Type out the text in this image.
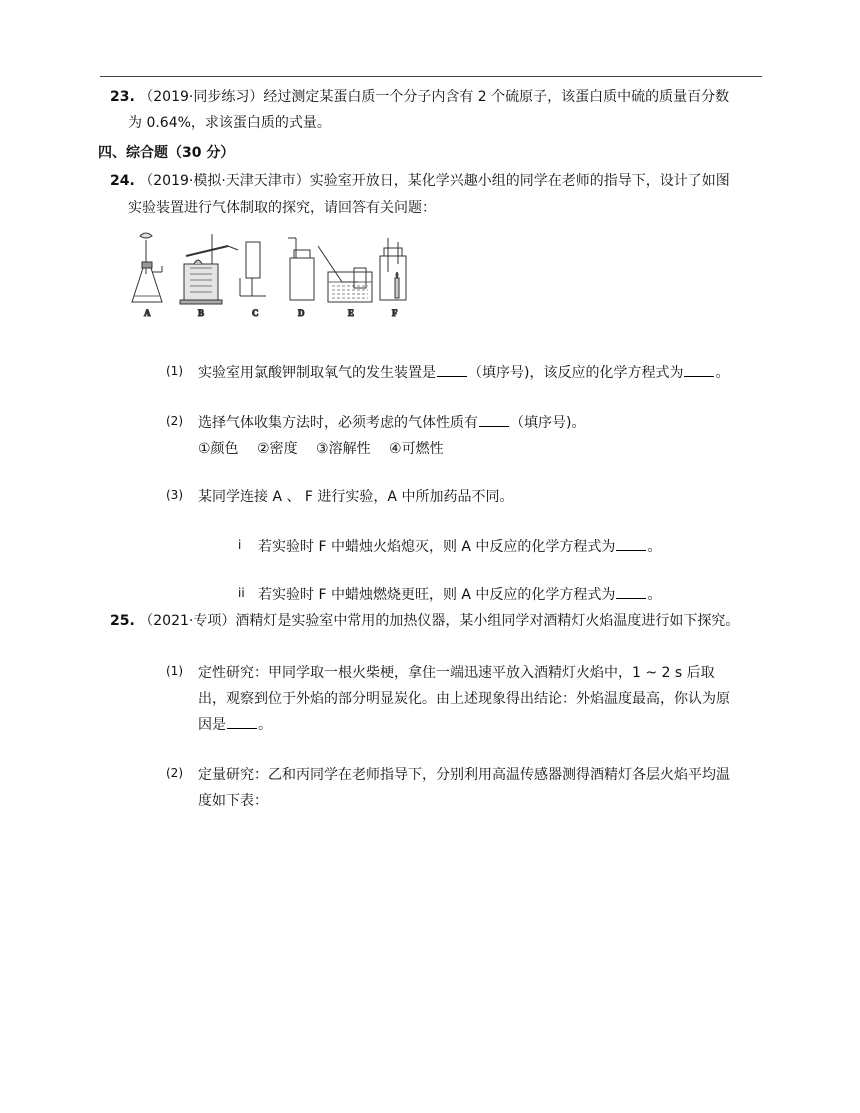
23. （2019·同步练习）经过测定某蛋白质一个分子内含有 2 个硫原子，该蛋白质中硫的质量百分数
为 0.64%，求该蛋白质的式量。
四、综合题（30 分）
24. （2019·模拟·天津天津市）实验室开放日，某化学兴趣小组的同学在老师的指导下，设计了如图
实验装置进行气体制取的探究，请回答有关问题：
A	B	C	D	E	F
(1) 实验室用氯酸钾制取氧气的发生装置是 （填序号)，该反应的化学方程式为 。
(2) 选择气体收集方法时，必须考虑的气体性质有 （填序号)。
①颜色 ②密度 ③溶解性 ④可燃性
(3) 某同学连接 A 、 F 进行实验，A 中所加药品不同。
i 若实验时 F 中蜡烛火焰熄灭，则 A 中反应的化学方程式为 。
ii 若实验时 F 中蜡烛燃烧更旺，则 A 中反应的化学方程式为 。
25. （2021·专项）酒精灯是实验室中常用的加热仪器，某小组同学对酒精灯火焰温度进行如下探究。
(1) 定性研究：甲同学取一根火柴梗，拿住一端迅速平放入酒精灯火焰中，1 ~ 2 s 后取
出，观察到位于外焰的部分明显炭化。由上述现象得出结论：外焰温度最高，你认为原
因是 。
(2) 定量研究：乙和丙同学在老师指导下，分别利用高温传感器测得酒精灯各层火焰平均温
度如下表：
